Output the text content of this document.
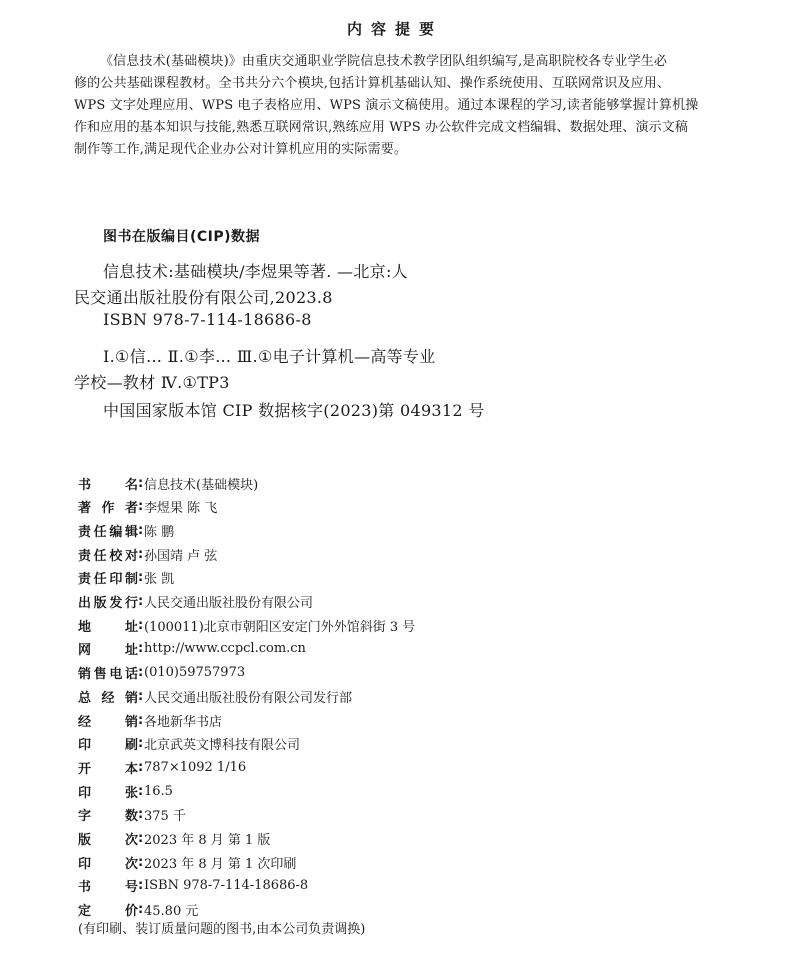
内容提要
《信息技术(基础模块)》由重庆交通职业学院信息技术教学团队组织编写,是高职院校各专业学生必
修的公共基础课程教材。全书共分六个模块,包括计算机基础认知、操作系统使用、互联网常识及应用、
WPS 文字处理应用、WPS 电子表格应用、WPS 演示文稿使用。通过本课程的学习,读者能够掌握计算机操
作和应用的基本知识与技能,熟悉互联网常识,熟练应用 WPS 办公软件完成文档编辑、数据处理、演示文稿
制作等工作,满足现代企业办公对计算机应用的实际需要。
图书在版编目(CIP)数据
信息技术:基础模块/李煜果等著. —北京:人
民交通出版社股份有限公司,2023.8
ISBN 978-7-114-18686-8
Ⅰ.①信… Ⅱ.①李… Ⅲ.①电子计算机—高等专业
学校—教材 Ⅳ.①TP3
中国国家版本馆 CIP 数据核字(2023)第 049312 号
书	名 : 信息技术(基础模块)
著 作 者 : 李煜果 陈 飞
责 任 编 辑 : 陈 鹏
责 任 校 对 : 孙国靖 卢 弦
责 任 印 制 : 张 凯
出 版 发 行 : 人民交通出版社股份有限公司
地	址 : (100011)北京市朝阳区安定门外外馆斜街 3 号
网	址 : http://www.ccpcl.com.cn
销 售 电 话 : (010)59757973
总 经 销 : 人民交通出版社股份有限公司发行部
经	销 : 各地新华书店
印	刷 : 北京武英文博科技有限公司
开	本 : 787×1092 1/16
印	张 : 16.5
字	数 : 375 千
版	次 : 2023 年 8 月 第 1 版
印	次 : 2023 年 8 月 第 1 次印刷
书	号 : ISBN 978-7-114-18686-8
定	价 : 45.80 元
(有印刷、装订质量问题的图书,由本公司负责调换)
